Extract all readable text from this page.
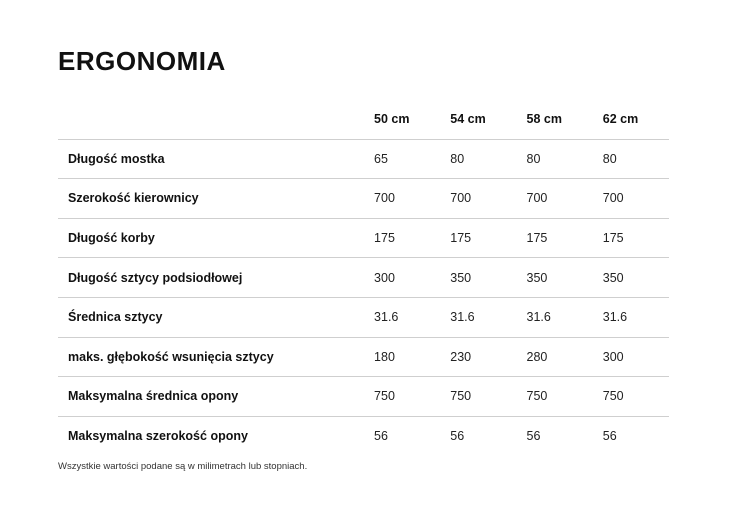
ERGONOMIA
	50 cm	54 cm	58 cm	62 cm
Długość mostka	65	80	80	80
Szerokość kierownicy	700	700	700	700
Długość korby	175	175	175	175
Długość sztycy podsiodłowej	300	350	350	350
Średnica sztycy	31.6	31.6	31.6	31.6
maks. głębokość wsunięcia sztycy	180	230	280	300
Maksymalna średnica opony	750	750	750	750
Maksymalna szerokość opony	56	56	56	56

Wszystkie wartości podane są w milimetrach lub stopniach.
